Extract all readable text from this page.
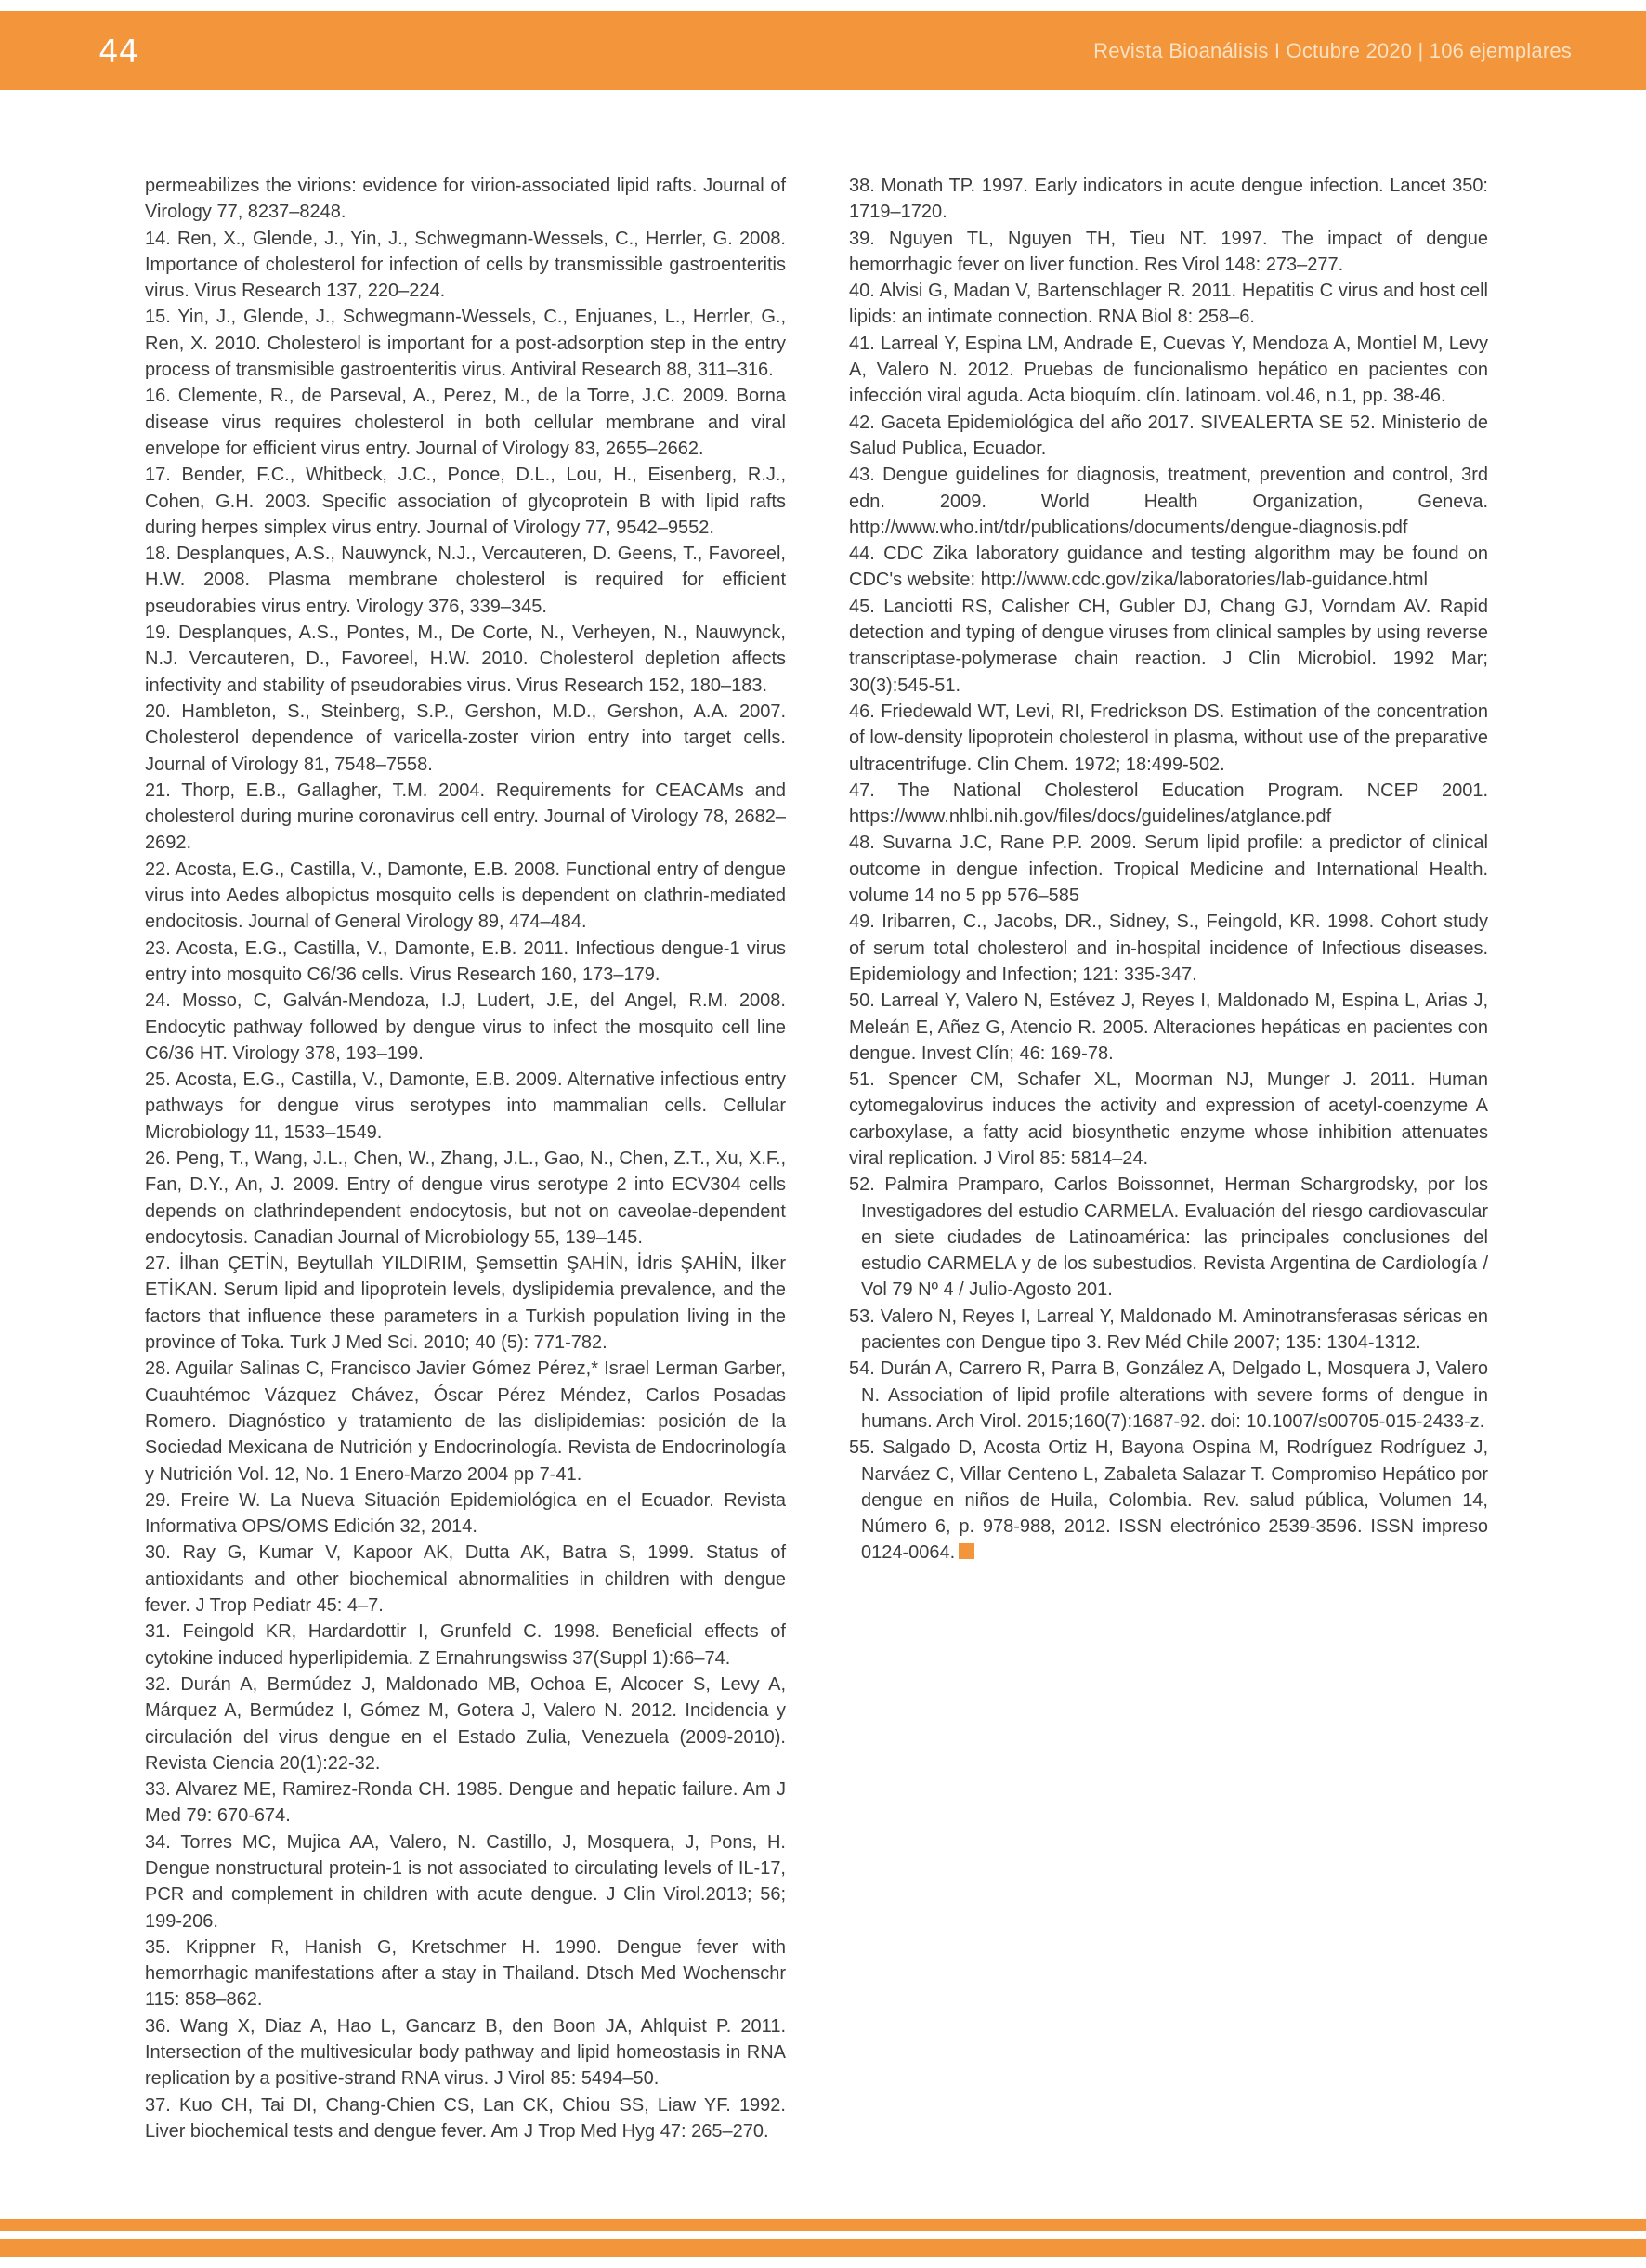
44	Revista Bioanálisis I Octubre 2020 | 106 ejemplares

permeabilizes the virions: evidence for virion-associated lipid rafts. Journal of Virology 77, 8237–8248.

14. Ren, X., Glende, J., Yin, J., Schwegmann-Wessels, C., Herrler, G. 2008. Importance of cholesterol for infection of cells by transmissible gastroenteritis virus. Virus Research 137, 220–224.

15. Yin, J., Glende, J., Schwegmann-Wessels, C., Enjuanes, L., Herrler, G., Ren, X. 2010. Cholesterol is important for a post-adsorption step in the entry process of transmisible gastroenteritis virus. Antiviral Research 88, 311–316.

16. Clemente, R., de Parseval, A., Perez, M., de la Torre, J.C. 2009. Borna disease virus requires cholesterol in both cellular membrane and viral envelope for efficient virus entry. Journal of Virology 83, 2655–2662.

17. Bender, F.C., Whitbeck, J.C., Ponce, D.L., Lou, H., Eisenberg, R.J., Cohen, G.H. 2003. Specific association of glycoprotein B with lipid rafts during herpes simplex virus entry. Journal of Virology 77, 9542–9552.

18. Desplanques, A.S., Nauwynck, N.J., Vercauteren, D. Geens, T., Favoreel, H.W. 2008. Plasma membrane cholesterol is required for efficient pseudorabies virus entry. Virology 376, 339–345.

19. Desplanques, A.S., Pontes, M., De Corte, N., Verheyen, N., Nauwynck, N.J. Vercauteren, D., Favoreel, H.W. 2010. Cholesterol depletion affects infectivity and stability of pseudorabies virus. Virus Research 152, 180–183.

20. Hambleton, S., Steinberg, S.P., Gershon, M.D., Gershon, A.A. 2007. Cholesterol dependence of varicella-zoster virion entry into target cells. Journal of Virology 81, 7548–7558.

21. Thorp, E.B., Gallagher, T.M. 2004. Requirements for CEACAMs and cholesterol during murine coronavirus cell entry. Journal of Virology 78, 2682–2692.

22. Acosta, E.G., Castilla, V., Damonte, E.B. 2008. Functional entry of dengue virus into Aedes albopictus mosquito cells is dependent on clathrin-mediated endocitosis. Journal of General Virology 89, 474–484.

23. Acosta, E.G., Castilla, V., Damonte, E.B. 2011. Infectious dengue-1 virus entry into mosquito C6/36 cells. Virus Research 160, 173–179.

24. Mosso, C, Galván-Mendoza, I.J, Ludert, J.E, del Angel, R.M. 2008. Endocytic pathway followed by dengue virus to infect the mosquito cell line C6/36 HT. Virology 378, 193–199.

25. Acosta, E.G., Castilla, V., Damonte, E.B. 2009. Alternative infectious entry pathways for dengue virus serotypes into mammalian cells. Cellular Microbiology 11, 1533–1549.

26. Peng, T., Wang, J.L., Chen, W., Zhang, J.L., Gao, N., Chen, Z.T., Xu, X.F., Fan, D.Y., An, J. 2009. Entry of dengue virus serotype 2 into ECV304 cells depends on clathrindependent endocytosis, but not on caveolae-dependent endocytosis. Canadian Journal of Microbiology 55, 139–145.

27. İlhan ÇETİN, Beytullah YILDIRIM, Şemsettin ŞAHİN, İdris ŞAHİN, İlker ETİKAN. Serum lipid and lipoprotein levels, dyslipidemia prevalence, and the factors that influence these parameters in a Turkish population living in the province of Toka. Turk J Med Sci. 2010; 40 (5): 771-782.

28. Aguilar Salinas C, Francisco Javier Gómez Pérez,* Israel Lerman Garber, Cuauhtémoc Vázquez Chávez, Óscar Pérez Méndez, Carlos Posadas Romero. Diagnóstico y tratamiento de las dislipidemias: posición de la Sociedad Mexicana de Nutrición y Endocrinología. Revista de Endocrinología y Nutrición Vol. 12, No. 1 Enero-Marzo 2004 pp 7-41.

29. Freire W. La Nueva Situación Epidemiológica en el Ecuador. Revista Informativa OPS/OMS Edición 32, 2014.

30. Ray G, Kumar V, Kapoor AK, Dutta AK, Batra S, 1999. Status of antioxidants and other biochemical abnormalities in children with dengue fever. J Trop Pediatr 45: 4–7.

31. Feingold KR, Hardardottir I, Grunfeld C. 1998. Beneficial effects of cytokine induced hyperlipidemia. Z Ernahrungswiss 37(Suppl 1):66–74.

32. Durán A, Bermúdez J, Maldonado MB, Ochoa E, Alcocer S, Levy A, Márquez A, Bermúdez I, Gómez M, Gotera J, Valero N. 2012. Incidencia y circulación del virus dengue en el Estado Zulia, Venezuela (2009-2010). Revista Ciencia 20(1):22-32.

33. Alvarez ME, Ramirez-Ronda CH. 1985. Dengue and hepatic failure. Am J Med 79: 670-674.

34. Torres MC, Mujica AA, Valero, N. Castillo, J, Mosquera, J, Pons, H. Dengue nonstructural protein-1 is not associated to circulating levels of IL-17, PCR and complement in children with acute dengue. J Clin Virol.2013; 56; 199-206.

35. Krippner R, Hanish G, Kretschmer H. 1990. Dengue fever with hemorrhagic manifestations after a stay in Thailand. Dtsch Med Wochenschr 115: 858–862.

36. Wang X, Diaz A, Hao L, Gancarz B, den Boon JA, Ahlquist P. 2011. Intersection of the multivesicular body pathway and lipid homeostasis in RNA replication by a positive-strand RNA virus. J Virol 85: 5494–50.

37. Kuo CH, Tai DI, Chang-Chien CS, Lan CK, Chiou SS, Liaw YF. 1992. Liver biochemical tests and dengue fever. Am J Trop Med Hyg 47: 265–270.

38. Monath TP. 1997. Early indicators in acute dengue infection. Lancet 350: 1719–1720.

39. Nguyen TL, Nguyen TH, Tieu NT. 1997. The impact of dengue hemorrhagic fever on liver function. Res Virol 148: 273–277.

40. Alvisi G, Madan V, Bartenschlager R. 2011. Hepatitis C virus and host cell lipids: an intimate connection. RNA Biol 8: 258–6.

41. Larreal Y, Espina LM, Andrade E, Cuevas Y, Mendoza A, Montiel M, Levy A, Valero N. 2012. Pruebas de funcionalismo hepático en pacientes con infección viral aguda. Acta bioquím. clín. latinoam. vol.46, n.1, pp. 38-46.

42. Gaceta Epidemiológica del año 2017. SIVEALERTA SE 52. Ministerio de Salud Publica, Ecuador.

43. Dengue guidelines for diagnosis, treatment, prevention and control, 3rd edn. 2009. World Health Organization, Geneva. http://www.who.int/tdr/publications/documents/dengue-diagnosis.pdf

44. CDC Zika laboratory guidance and testing algorithm may be found on CDC's website: http://www.cdc.gov/zika/laboratories/lab-guidance.html

45. Lanciotti RS, Calisher CH, Gubler DJ, Chang GJ, Vorndam AV. Rapid detection and typing of dengue viruses from clinical samples by using reverse transcriptase-polymerase chain reaction. J Clin Microbiol. 1992 Mar; 30(3):545-51.

46. Friedewald WT, Levi, RI, Fredrickson DS. Estimation of the concentration of low-density lipoprotein cholesterol in plasma, without use of the preparative ultracentrifuge. Clin Chem. 1972; 18:499-502.

47. The National Cholesterol Education Program. NCEP 2001. https://www.nhlbi.nih.gov/files/docs/guidelines/atglance.pdf

48. Suvarna J.C, Rane P.P. 2009. Serum lipid profile: a predictor of clinical outcome in dengue infection. Tropical Medicine and International Health. volume 14 no 5 pp 576–585

49. Iribarren, C., Jacobs, DR., Sidney, S., Feingold, KR. 1998. Cohort study of serum total cholesterol and in-hospital incidence of Infectious diseases. Epidemiology and Infection; 121: 335-347.

50. Larreal Y, Valero N, Estévez J, Reyes I, Maldonado M, Espina L, Arias J, Meleán E, Añez G, Atencio R. 2005. Alteraciones hepáticas en pacientes con dengue. Invest Clín; 46: 169-78.

51. Spencer CM, Schafer XL, Moorman NJ, Munger J. 2011. Human cytomegalovirus induces the activity and expression of acetyl-coenzyme A carboxylase, a fatty acid biosynthetic enzyme whose inhibition attenuates viral replication. J Virol 85: 5814–24.

52. Palmira Pramparo, Carlos Boissonnet, Herman Schargrodsky, por los Investigadores del estudio CARMELA. Evaluación del riesgo cardiovascular en siete ciudades de Latinoamérica: las principales conclusiones del estudio CARMELA y de los subestudios. Revista Argentina de Cardiología / Vol 79 Nº 4 / Julio-Agosto 201.

53. Valero N, Reyes I, Larreal Y, Maldonado M. Aminotransferasas séricas en pacientes con Dengue tipo 3. Rev Méd Chile 2007; 135: 1304-1312.

54. Durán A, Carrero R, Parra B, González A, Delgado L, Mosquera J, Valero N. Association of lipid profile alterations with severe forms of dengue in humans. Arch Virol. 2015;160(7):1687-92. doi: 10.1007/s00705-015-2433-z.

55. Salgado D, Acosta Ortiz H, Bayona Ospina M, Rodríguez Rodríguez J, Narváez C, Villar Centeno L, Zabaleta Salazar T. Compromiso Hepático por dengue en niños de Huila, Colombia. Rev. salud pública, Volumen 14, Número 6, p. 978-988, 2012. ISSN electrónico 2539-3596. ISSN impreso 0124-0064.
